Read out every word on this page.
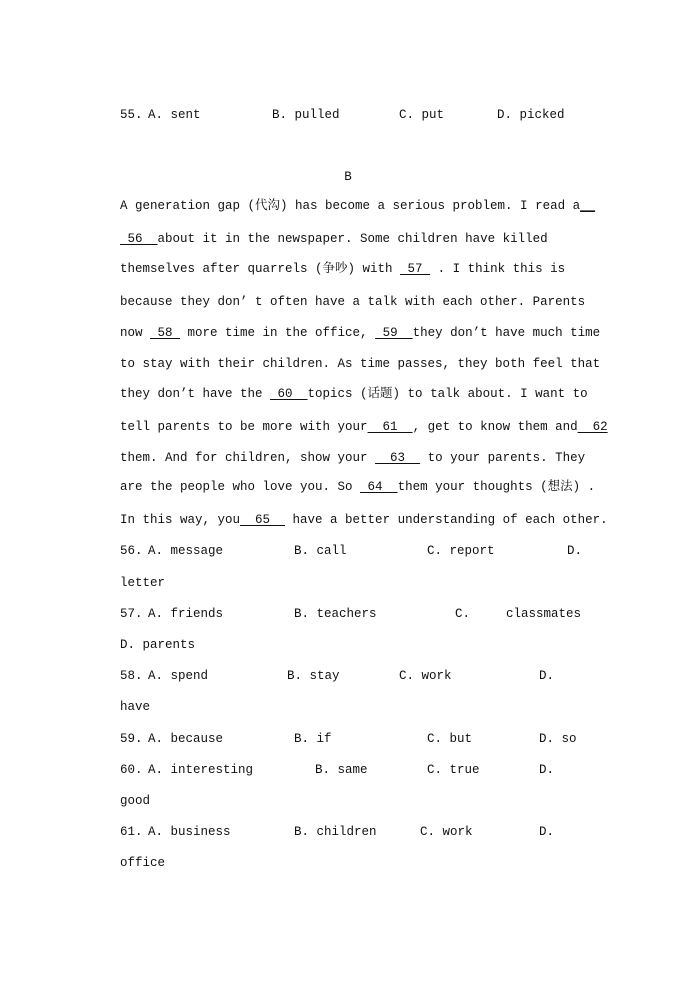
55.

A. sent

	B. pulled

	C. put

	D. picked

B
A generation gap (代沟) has become a serious problem. I read a__
56  about it in the newspaper. Some children have killed
themselves after quarrels (争吵) with  57  . I think this is
because they don’ t often have a talk with each other. Parents
now  58  more time in the office,  59  they don’t have much time
to stay with their children. As time passes, they both feel that
they don’t have the  60  topics (话题) to talk about. I want to
tell parents to be more with your  61  , get to know them and  62
them. And for children, show your   63   to your parents. They
are the people who love you. So  64  them your thoughts (想法) .
In this way, you  65   have a better understanding of each other.

56.

A. message

	B. call

	C. report

	D.

letter

57.

A. friends

	B. teachers

	C.

	classmates

D. parents

58.

A. spend

	B. stay

	C. work

	D.

have

59.

A. because

	B. if

	C. but

	D. so

60.

A. interesting

	B. same

	C. true

	D.

good

61.

A. business

	B. children

	C. work

	D.

office
